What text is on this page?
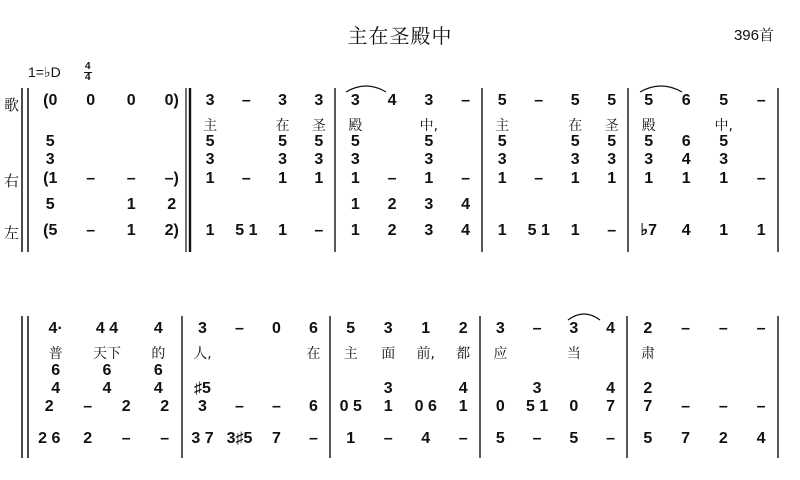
主在圣殿中	396首
1=♭D $\frac{4}{4}$
歌
右
左
(0 0 0 0) 3 – 3 3 3 4 3 – 5 – 5 5 5 6 5 –
主	在 圣 殿	中,	主	在 圣 殿	中,
5	5	5 5 5	5	5	5 5 5 6 5
3	3	3 3 3	3	3	3 3 3 4 3
(1 – – –) 1 – 1 1 1 – 1 – 1 – 1 1 1 1 1 –
5	1 2	1 2 3 4
(5 – 1 2) 1 5 1 1 – 1 2 3 4 1 5 1 1 – ♭7 4 1 1
4· 4 4 4 3 – 0 6 5 3 1 2 3 – 3 4 2 – – –
普 天下 的 人,	在 主 面 前, 都 应	当	肃
6	6	6
4	4	4 ♯5	3	4	3	4 2
2 – 2 2 3 – – 6 0 5 1 0 6 1 0 5 1 0 7 7 – – –
2 6 2 – – 3 7 3♯5 7 – 1 – 4 – 5 – 5 – 5 7 2 4
